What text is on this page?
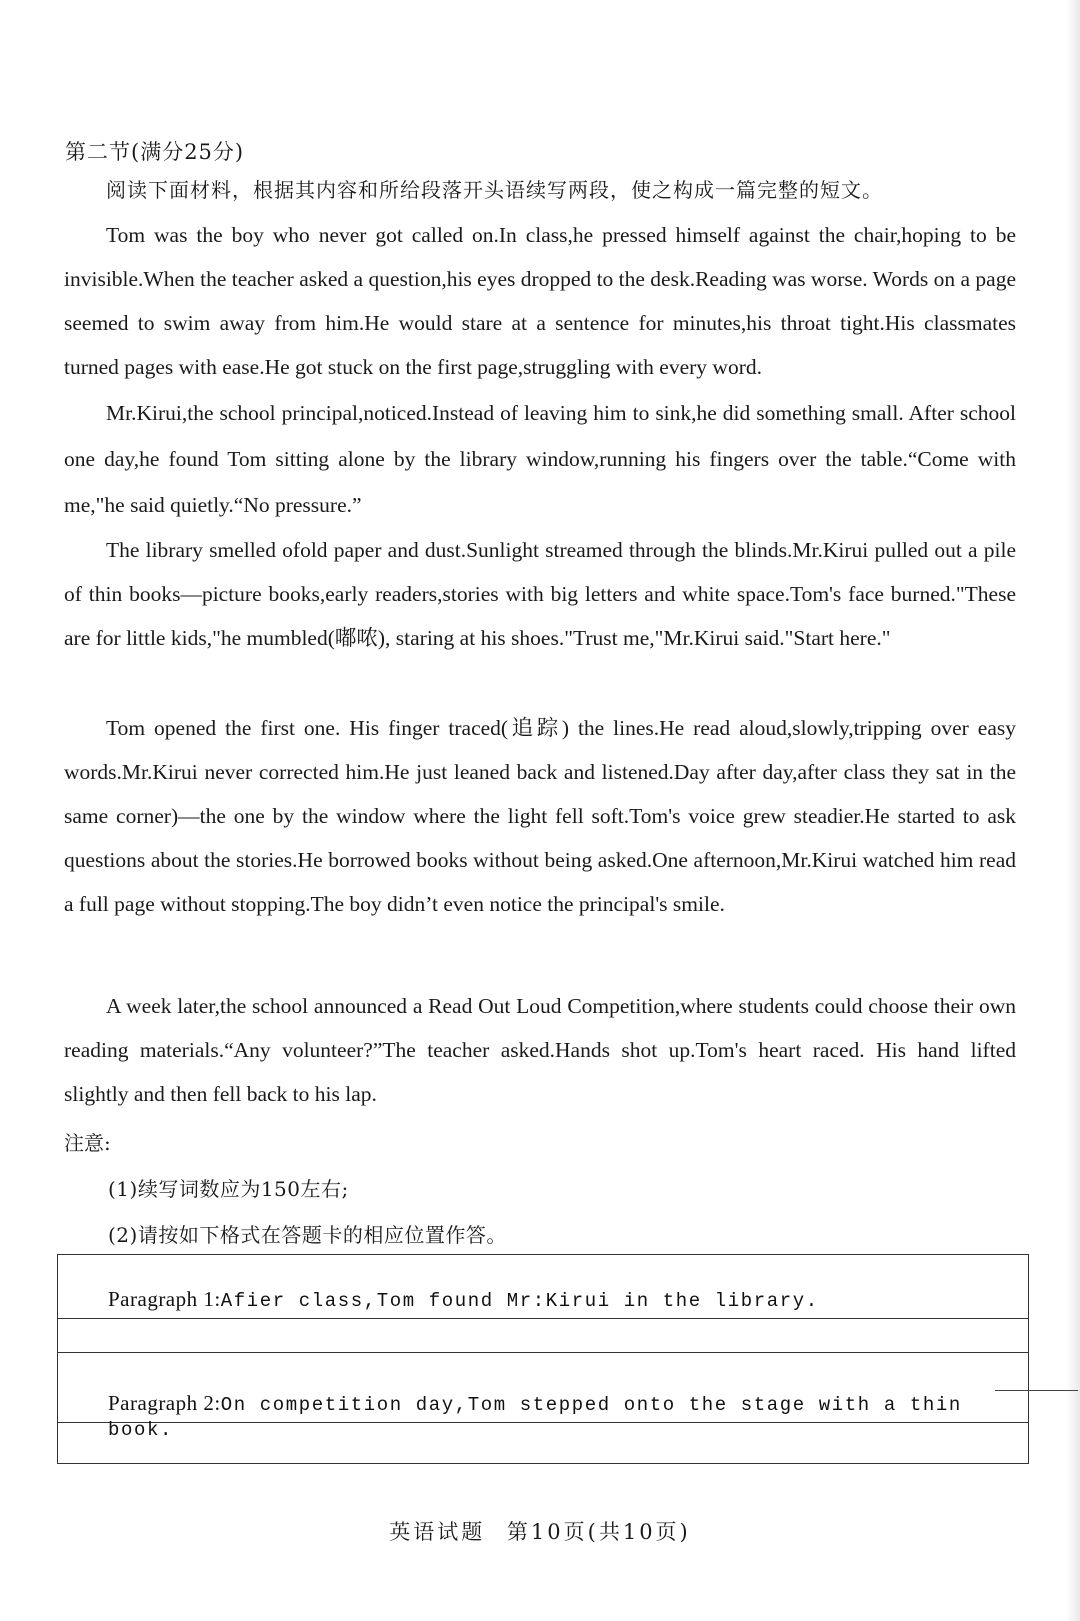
第二节(满分25分)
阅读下面材料，根据其内容和所给段落开头语续写两段，使之构成一篇完整的短文。

Tom was the boy who never got called on.In class,he pressed himself against the chair,hoping to be invisible.When the teacher asked a question,his eyes dropped to the desk.Reading was worse. Words on a page seemed to swim away from him.He would stare at a sentence for minutes,his throat tight.His classmates turned pages with ease.He got stuck on the first page,struggling with every word.

Mr.Kirui,the school principal,noticed.Instead of leaving him to sink,he did something small. After school one day,he found Tom sitting alone by the library window,running his fingers over the table.“Come with me,"he said quietly.“No pressure.”

The library smelled ofold paper and dust.Sunlight streamed through the blinds.Mr.Kirui pulled out a pile of thin books—picture books,early readers,stories with big letters and white space.Tom's face burned."These are for little kids,"he mumbled(嘟哝), staring at his shoes."Trust me,"Mr.Kirui said."Start here."

Tom opened the first one. His finger traced(追踪) the lines.He read aloud,slowly,tripping over easy words.Mr.Kirui never corrected him.He just leaned back and listened.Day after day,after class they sat in the same corner)—the one by the window where the light fell soft.Tom's voice grew steadier.He started to ask questions about the stories.He borrowed books without being asked.One afternoon,Mr.Kirui watched him read a full page without stopping.The boy didn’t even notice the principal's smile.

A week later,the school announced a Read Out Loud Competition,where students could choose their own reading materials.“Any volunteer?”The teacher asked.Hands shot up.Tom's heart raced. His hand lifted slightly and then fell back to his lap.

注意:
(1)续写词数应为150左右;
(2)请按如下格式在答题卡的相应位置作答。
Paragraph 1:Afier class,Tom found Mr:Kirui in the library.
Paragraph 2:On competition day,Tom stepped onto the stage with a thin book.
英语试题 第10页(共10页)
